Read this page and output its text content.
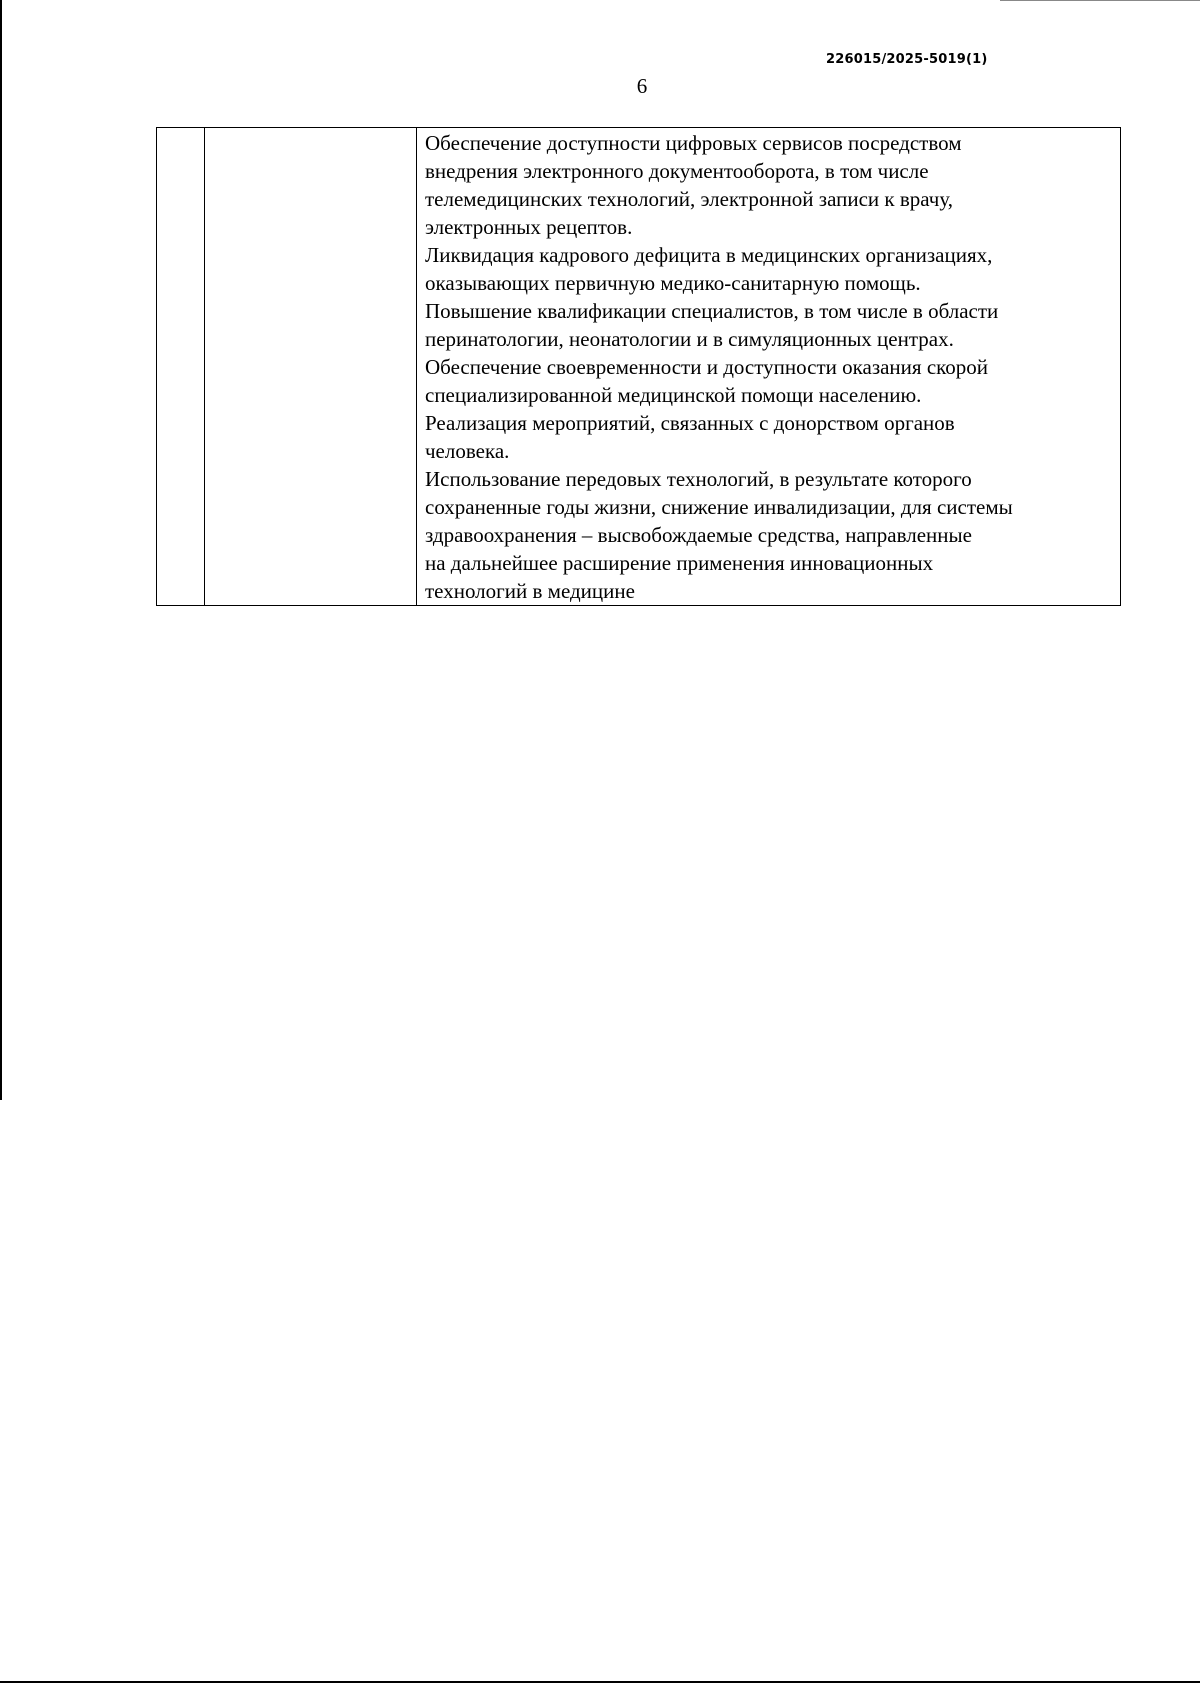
226015/2025-5019(1)
6

Обеспечение доступности цифровых сервисов посредством
внедрения электронного документооборота, в том числе
телемедицинских технологий, электронной записи к врачу,
электронных рецептов.
Ликвидация кадрового дефицита в медицинских организациях,
оказывающих первичную медико-санитарную помощь.
Повышение квалификации специалистов, в том числе в области
перинатологии, неонатологии и в симуляционных центрах.
Обеспечение своевременности и доступности оказания скорой
специализированной медицинской помощи населению.
Реализация мероприятий, связанных с донорством органов
человека.
Использование передовых технологий, в результате которого
сохраненные годы жизни, снижение инвалидизации, для системы
здравоохранения – высвобождаемые средства, направленные
на дальнейшее расширение применения инновационных
технологий в медицине
